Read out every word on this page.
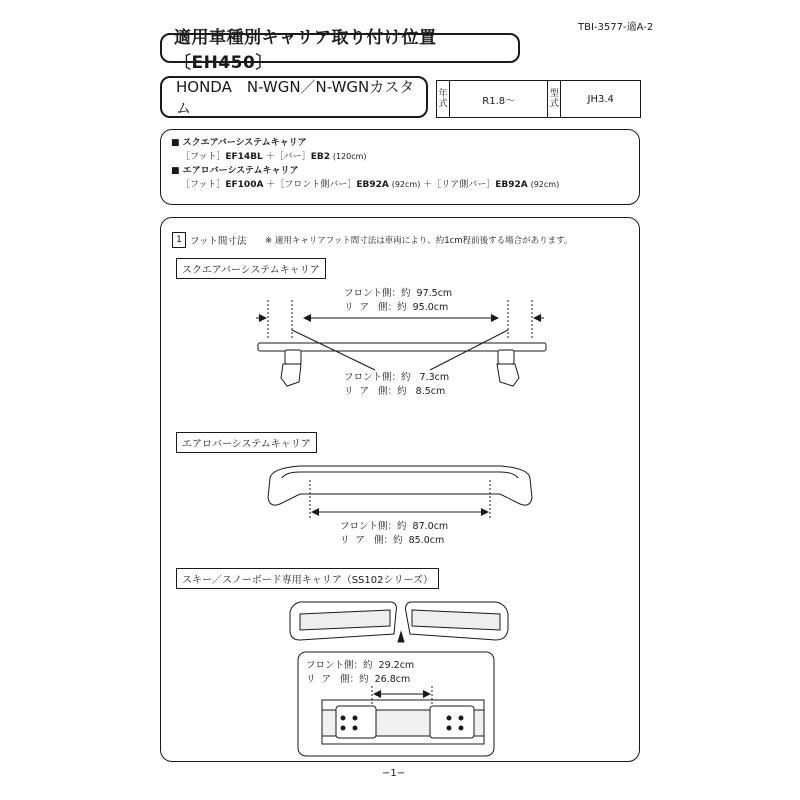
TBI-3577-適A-2
適用車種別キャリア取り付け位置〔EH450〕
HONDA　N-WGN／N-WGNカスタム
年式	R1.8〜	型式	JH3.4
■ スクエアバーシステムキャリア
［フット］EF14BL ＋［バー］EB2 (120cm)
■ エアロバーシステムキャリア
［フット］EF100A ＋［フロント側バー］EB92A (92cm) ＋［リア側バー］EB92A (92cm)
1 フット間寸法 ※ 適用キャリアフット間寸法は車両により、約1cm程前後する場合があります。
スクエアバーシステムキャリア
フロント側：約  97.5cm
リ  ア   側：約  95.0cm
フロント側：約   7.3cm
リ  ア   側：約   8.5cm
エアロバーシステムキャリア
フロント側：約  87.0cm
リ  ア   側：約  85.0cm
スキー／スノーボード専用キャリア（SS102シリーズ）
フロント側：約  29.2cm
リ  ア   側：約  26.8cm
−1−
